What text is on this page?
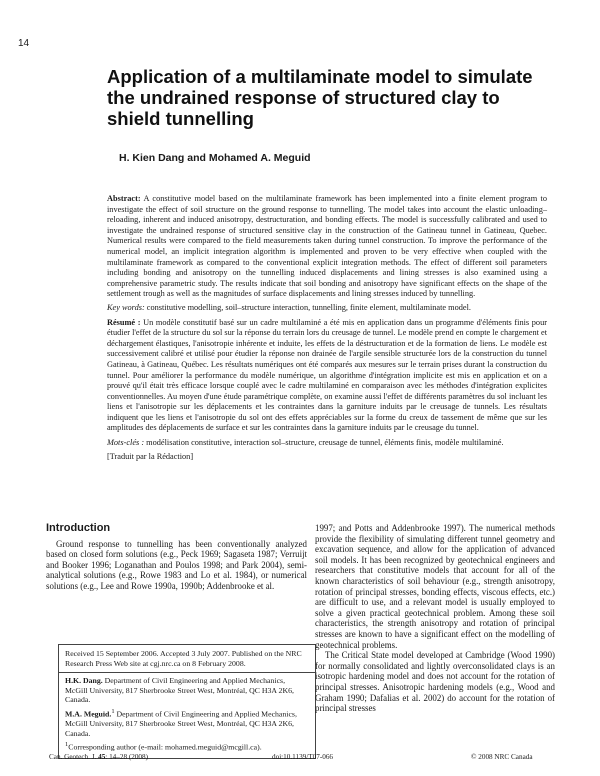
14
Application of a multilaminate model to simulate the undrained response of structured clay to shield tunnelling
H. Kien Dang and Mohamed A. Meguid

Abstract: A constitutive model based on the multilaminate framework has been implemented into a finite element program to investigate the effect of soil structure on the ground response to tunnelling. The model takes into account the elastic unloading–reloading, inherent and induced anisotropy, destructuration, and bonding effects. The model is successfully calibrated and used to investigate the undrained response of structured sensitive clay in the construction of the Gatineau tunnel in Gatineau, Quebec. Numerical results were compared to the field measurements taken during tunnel construction. To improve the performance of the numerical model, an implicit integration algorithm is implemented and proven to be very effective when coupled with the multilaminate framework as compared to the conventional explicit integration methods. The effect of different soil parameters including bonding and anisotropy on the tunnelling induced displacements and lining stresses is also examined using a comprehensive parametric study. The results indicate that soil bonding and anisotropy have significant effects on the shape of the settlement trough as well as the magnitudes of surface displacements and lining stresses induced by tunnelling.

Key words: constitutive modelling, soil–structure interaction, tunnelling, finite element, multilaminate model.

Résumé : Un modèle constitutif basé sur un cadre multilaminé a été mis en application dans un programme d'éléments finis pour étudier l'effet de la structure du sol sur la réponse du terrain lors du creusage de tunnel. Le modèle prend en compte le chargement et déchargement élastiques, l'anisotropie inhérente et induite, les effets de la déstructuration et de la formation de liens. Le modèle est successivement calibré et utilisé pour étudier la réponse non drainée de l'argile sensible structurée lors de la construction du tunnel Gatineau, à Gatineau, Québec. Les résultats numériques ont été comparés aux mesures sur le terrain prises durant la construction du tunnel. Pour améliorer la performance du modèle numérique, un algorithme d'intégration implicite est mis en application et on a prouvé qu'il était très efficace lorsque couplé avec le cadre multilaminé en comparaison avec les méthodes d'intégration explicites conventionnelles. Au moyen d'une étude paramétrique complète, on examine aussi l'effet de différents paramètres du sol incluant les liens et l'anisotropie sur les déplacements et les contraintes dans la garniture induits par le creusage de tunnels. Les résultats indiquent que les liens et l'anisotropie du sol ont des effets appréciables sur la forme du creux de tassement de même que sur les amplitudes des déplacements de surface et sur les contraintes dans la garniture induits par le creusage du tunnel.

Mots-clés : modélisation constitutive, interaction sol–structure, creusage de tunnel, éléments finis, modèle multilaminé.

[Traduit par la Rédaction]

Introduction

Ground response to tunnelling has been conventionally analyzed based on closed form solutions (e.g., Peck 1969; Sagaseta 1987; Verruijt and Booker 1996; Loganathan and Poulos 1998; and Park 2004), semi-analytical solutions (e.g., Rowe 1983 and Lo et al. 1984), or numerical solutions (e.g., Lee and Rowe 1990a, 1990b; Addenbrooke et al.

Received 15 September 2006. Accepted 3 July 2007. Published on the NRC Research Press Web site at cgj.nrc.ca on 8 February 2008.

H.K. Dang. Department of Civil Engineering and Applied Mechanics, McGill University, 817 Sherbrooke Street West, Montréal, QC H3A 2K6, Canada.

M.A. Meguid.$^1$ Department of Civil Engineering and Applied Mechanics, McGill University, 817 Sherbrooke Street West, Montréal, QC H3A 2K6, Canada.

$^1$Corresponding author (e-mail: mohamed.meguid@mcgill.ca).

1997; and Potts and Addenbrooke 1997). The numerical methods provide the flexibility of simulating different tunnel geometry and excavation sequence, and allow for the application of advanced soil models. It has been recognized by geotechnical engineers and researchers that constitutive models that account for all of the known characteristics of soil behaviour (e.g., strength anisotropy, rotation of principal stresses, bonding effects, viscous effects, etc.) are difficult to use, and a relevant model is usually employed to solve a given practical geotechnical problem. Among these soil characteristics, the strength anisotropy and rotation of principal stresses are known to have a significant effect on the modelling of geotechnical problems.

The Critical State model developed at Cambridge (Wood 1990) for normally consolidated and lightly overconsolidated clays is an isotropic hardening model and does not account for the rotation of principal stresses. Anisotropic hardening models (e.g., Wood and Graham 1990; Dafalias et al. 2002) do account for the rotation of principal stresses

Can. Geotech. J. 45: 14–28 (2008)	doi:10.1139/T07-066	© 2008 NRC Canada
